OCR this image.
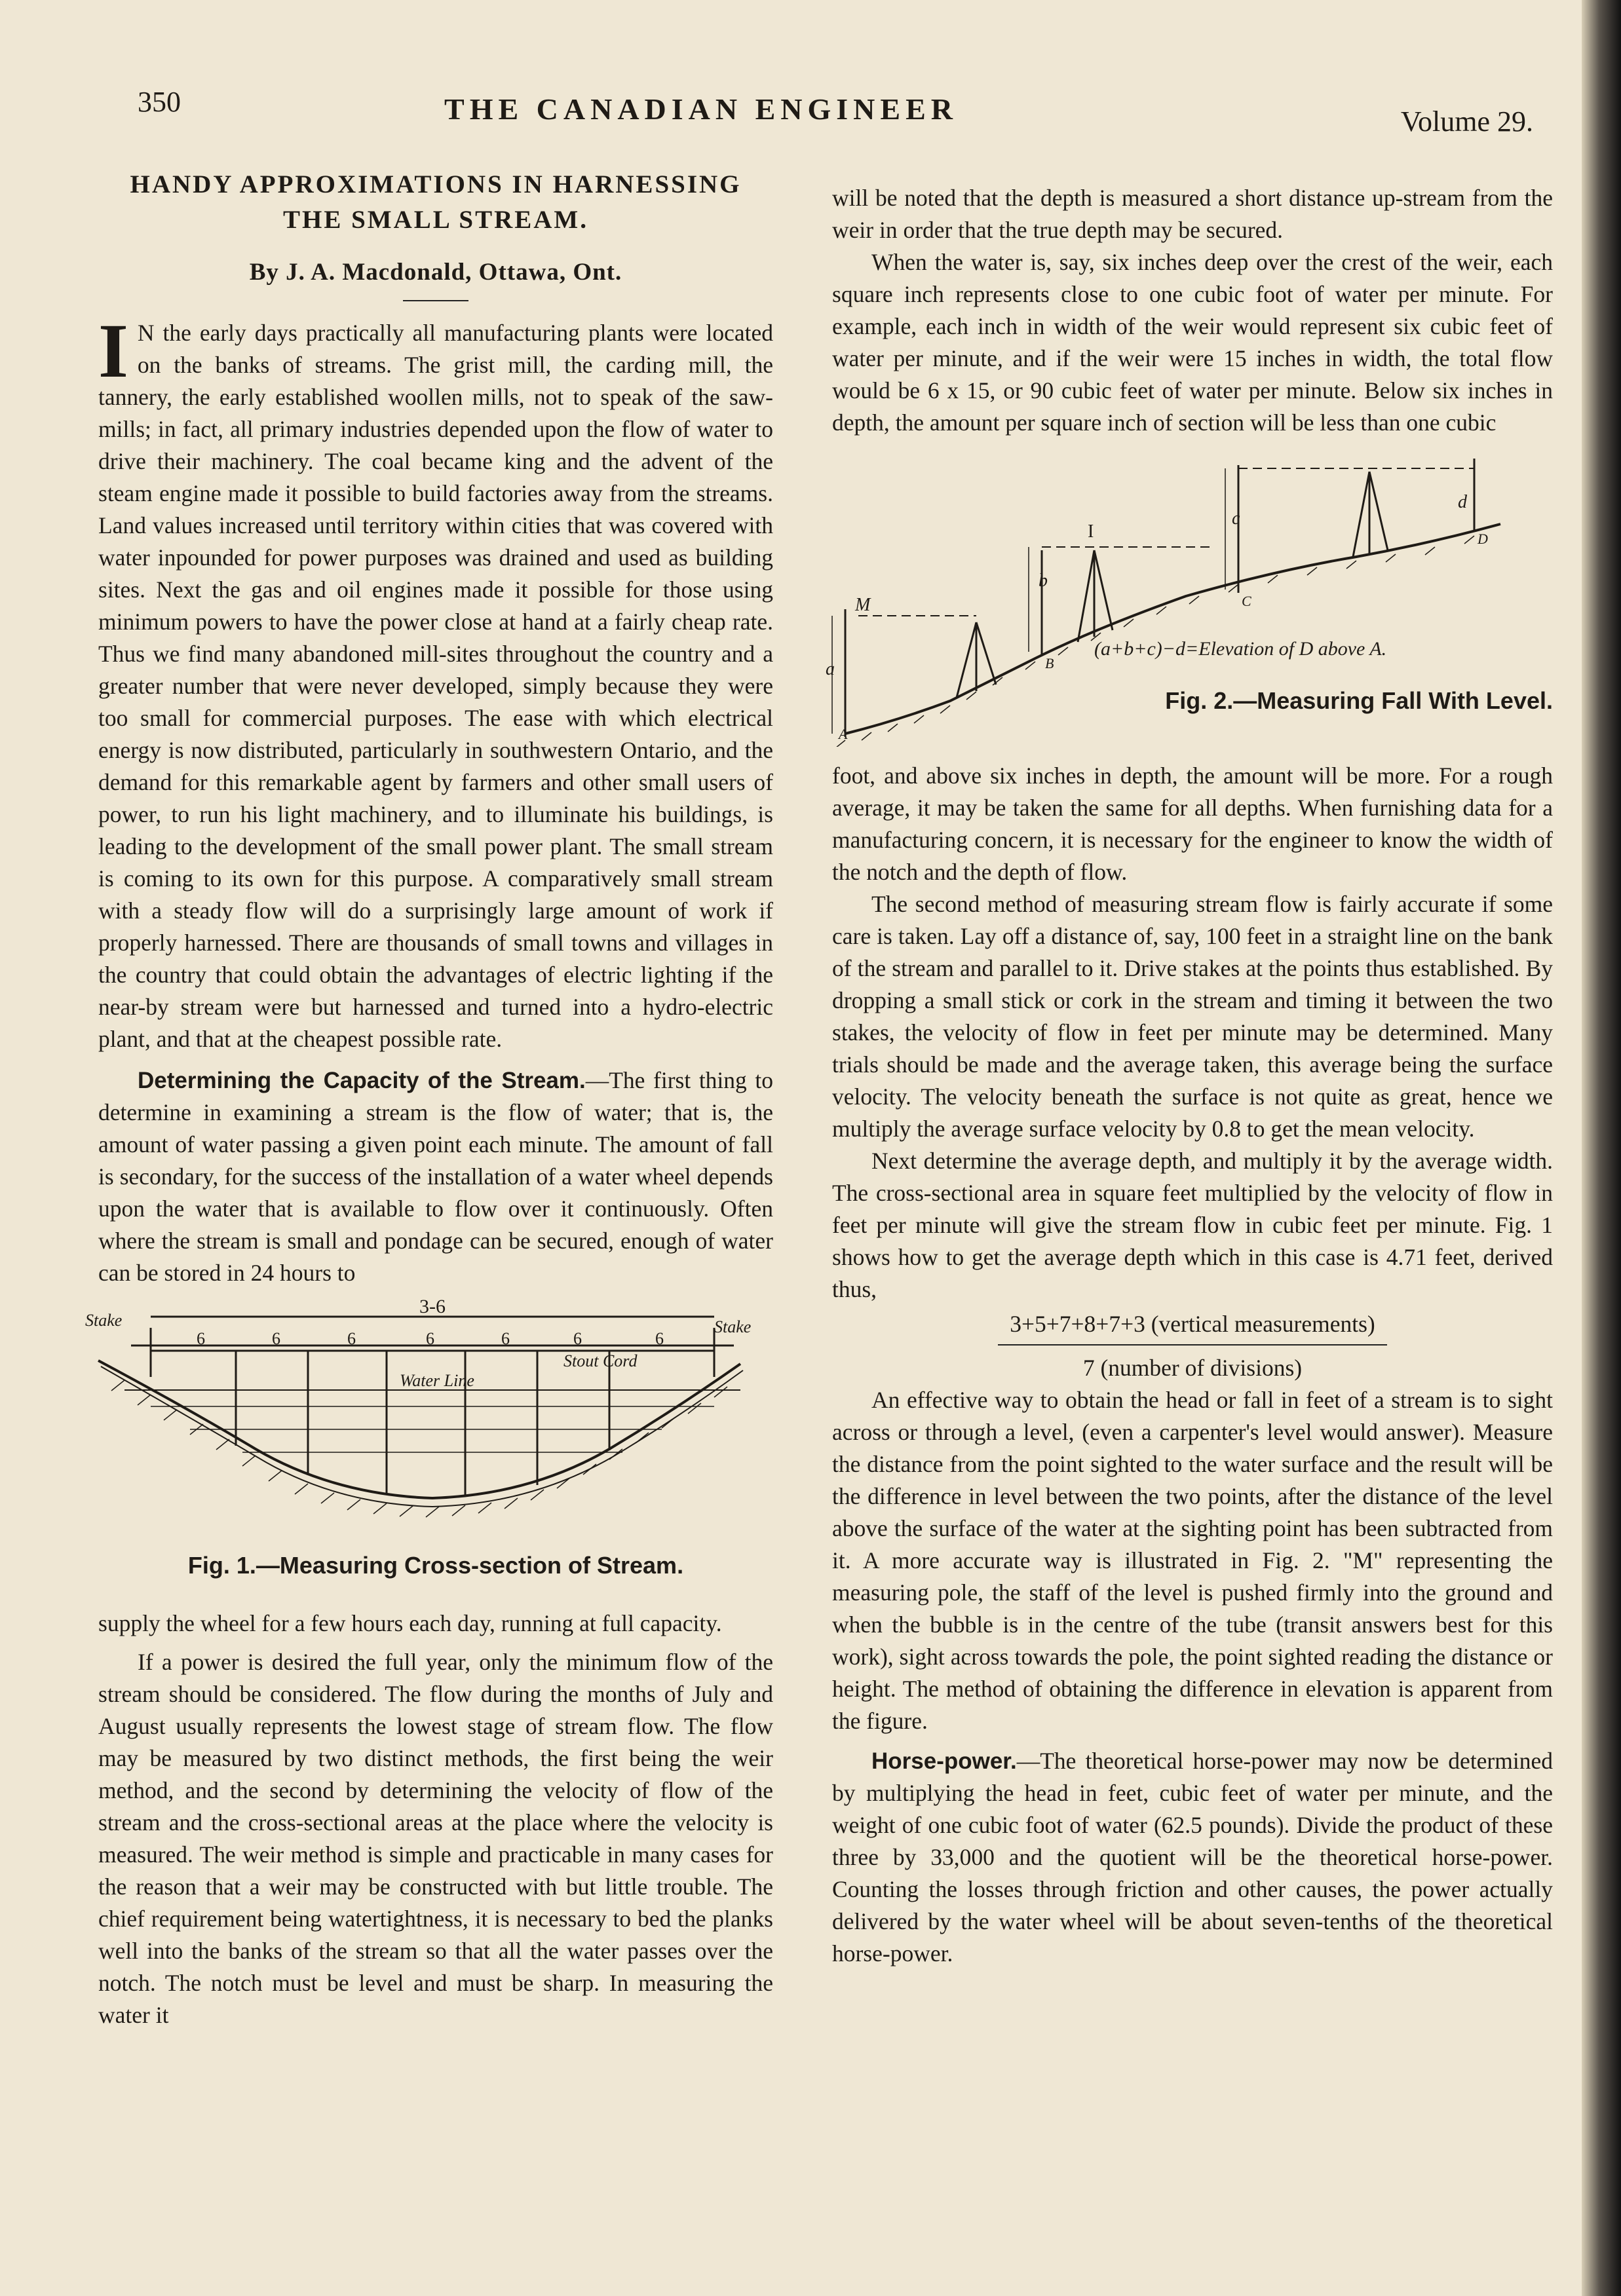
350	THE CANADIAN ENGINEER	Volume 29.
HANDY APPROXIMATIONS IN HARNESSING
THE SMALL STREAM.
By J. A. Macdonald, Ottawa, Ont.

I N the early days practically all manufacturing plants were located on the banks of streams. The grist mill, the carding mill, the tannery, the early established woollen mills, not to speak of the saw-mills; in fact, all primary industries depended upon the flow of water to drive their machinery. The coal became king and the advent of the steam engine made it possible to build factories away from the streams. Land values increased until territory within cities that was covered with water inpounded for power purposes was drained and used as building sites. Next the gas and oil engines made it possible for those using minimum powers to have the power close at hand at a fairly cheap rate. Thus we find many abandoned mill-sites throughout the country and a greater number that were never developed, simply because they were too small for commercial purposes. The ease with which electrical energy is now distributed, particularly in southwestern Ontario, and the demand for this remarkable agent by farmers and other small users of power, to run his light machinery, and to illuminate his buildings, is leading to the development of the small power plant. The small stream is coming to its own for this purpose. A comparatively small stream with a steady flow will do a surprisingly large amount of work if properly harnessed. There are thousands of small towns and villages in the country that could obtain the advantages of electric lighting if the near-by stream were but harnessed and turned into a hydro-electric plant, and that at the cheapest possible rate.

Determining the Capacity of the Stream.—The first thing to determine in examining a stream is the flow of water; that is, the amount of water passing a given point each minute. The amount of fall is secondary, for the success of the installation of a water wheel depends upon the water that is available to flow over it continuously. Often where the stream is small and pondage can be secured, enough of water can be stored in 24 hours to

Stake	Stake
3-6
6	6	6	6	6	6	6
Stout Cord
Water Line
Fig. 1.—Measuring Cross-section of Stream.

supply the wheel for a few hours each day, running at full capacity.

If a power is desired the full year, only the minimum flow of the stream should be considered. The flow during the months of July and August usually represents the lowest stage of stream flow. The flow may be measured by two distinct methods, the first being the weir method, and the second by determining the velocity of flow of the stream and the cross-sectional areas at the place where the velocity is measured. The weir method is simple and practicable in many cases for the reason that a weir may be constructed with but little trouble. The chief requirement being watertightness, it is necessary to bed the planks well into the banks of the stream so that all the water passes over the notch. The notch must be level and must be sharp. In measuring the water it

will be noted that the depth is measured a short distance up-stream from the weir in order that the true depth may be secured.

When the water is, say, six inches deep over the crest of the weir, each square inch represents close to one cubic foot of water per minute. For example, each inch in width of the weir would represent six cubic feet of water per minute, and if the weir were 15 inches in width, the total flow would be 6 x 15, or 90 cubic feet of water per minute. Below six inches in depth, the amount per square inch of section will be less than one cubic

M
a
b
c
d
I
A
B
C
D
(a+b+c)−d=Elevation of D above A.
Fig. 2.—Measuring Fall With Level.

foot, and above six inches in depth, the amount will be more. For a rough average, it may be taken the same for all depths. When furnishing data for a manufacturing concern, it is necessary for the engineer to know the width of the notch and the depth of flow.

The second method of measuring stream flow is fairly accurate if some care is taken. Lay off a distance of, say, 100 feet in a straight line on the bank of the stream and parallel to it. Drive stakes at the points thus established. By dropping a small stick or cork in the stream and timing it between the two stakes, the velocity of flow in feet per minute may be determined. Many trials should be made and the average taken, this average being the surface velocity. The velocity beneath the surface is not quite as great, hence we multiply the average surface velocity by 0.8 to get the mean velocity.

Next determine the average depth, and multiply it by the average width. The cross-sectional area in square feet multiplied by the velocity of flow in feet per minute will give the stream flow in cubic feet per minute. Fig. 1 shows how to get the average depth which in this case is 4.71 feet, derived thus,

3+5+7+8+7+3 (vertical measurements)
7 (number of divisions)

An effective way to obtain the head or fall in feet of a stream is to sight across or through a level, (even a carpenter's level would answer). Measure the distance from the point sighted to the water surface and the result will be the difference in level between the two points, after the distance of the level above the surface of the water at the sighting point has been subtracted from it. A more accurate way is illustrated in Fig. 2. "M" representing the measuring pole, the staff of the level is pushed firmly into the ground and when the bubble is in the centre of the tube (transit answers best for this work), sight across towards the pole, the point sighted reading the distance or height. The method of obtaining the difference in elevation is apparent from the figure.

Horse-power.—The theoretical horse-power may now be determined by multiplying the head in feet, cubic feet of water per minute, and the weight of one cubic foot of water (62.5 pounds). Divide the product of these three by 33,000 and the quotient will be the theoretical horse-power. Counting the losses through friction and other causes, the power actually delivered by the water wheel will be about seven-tenths of the theoretical horse-power.
